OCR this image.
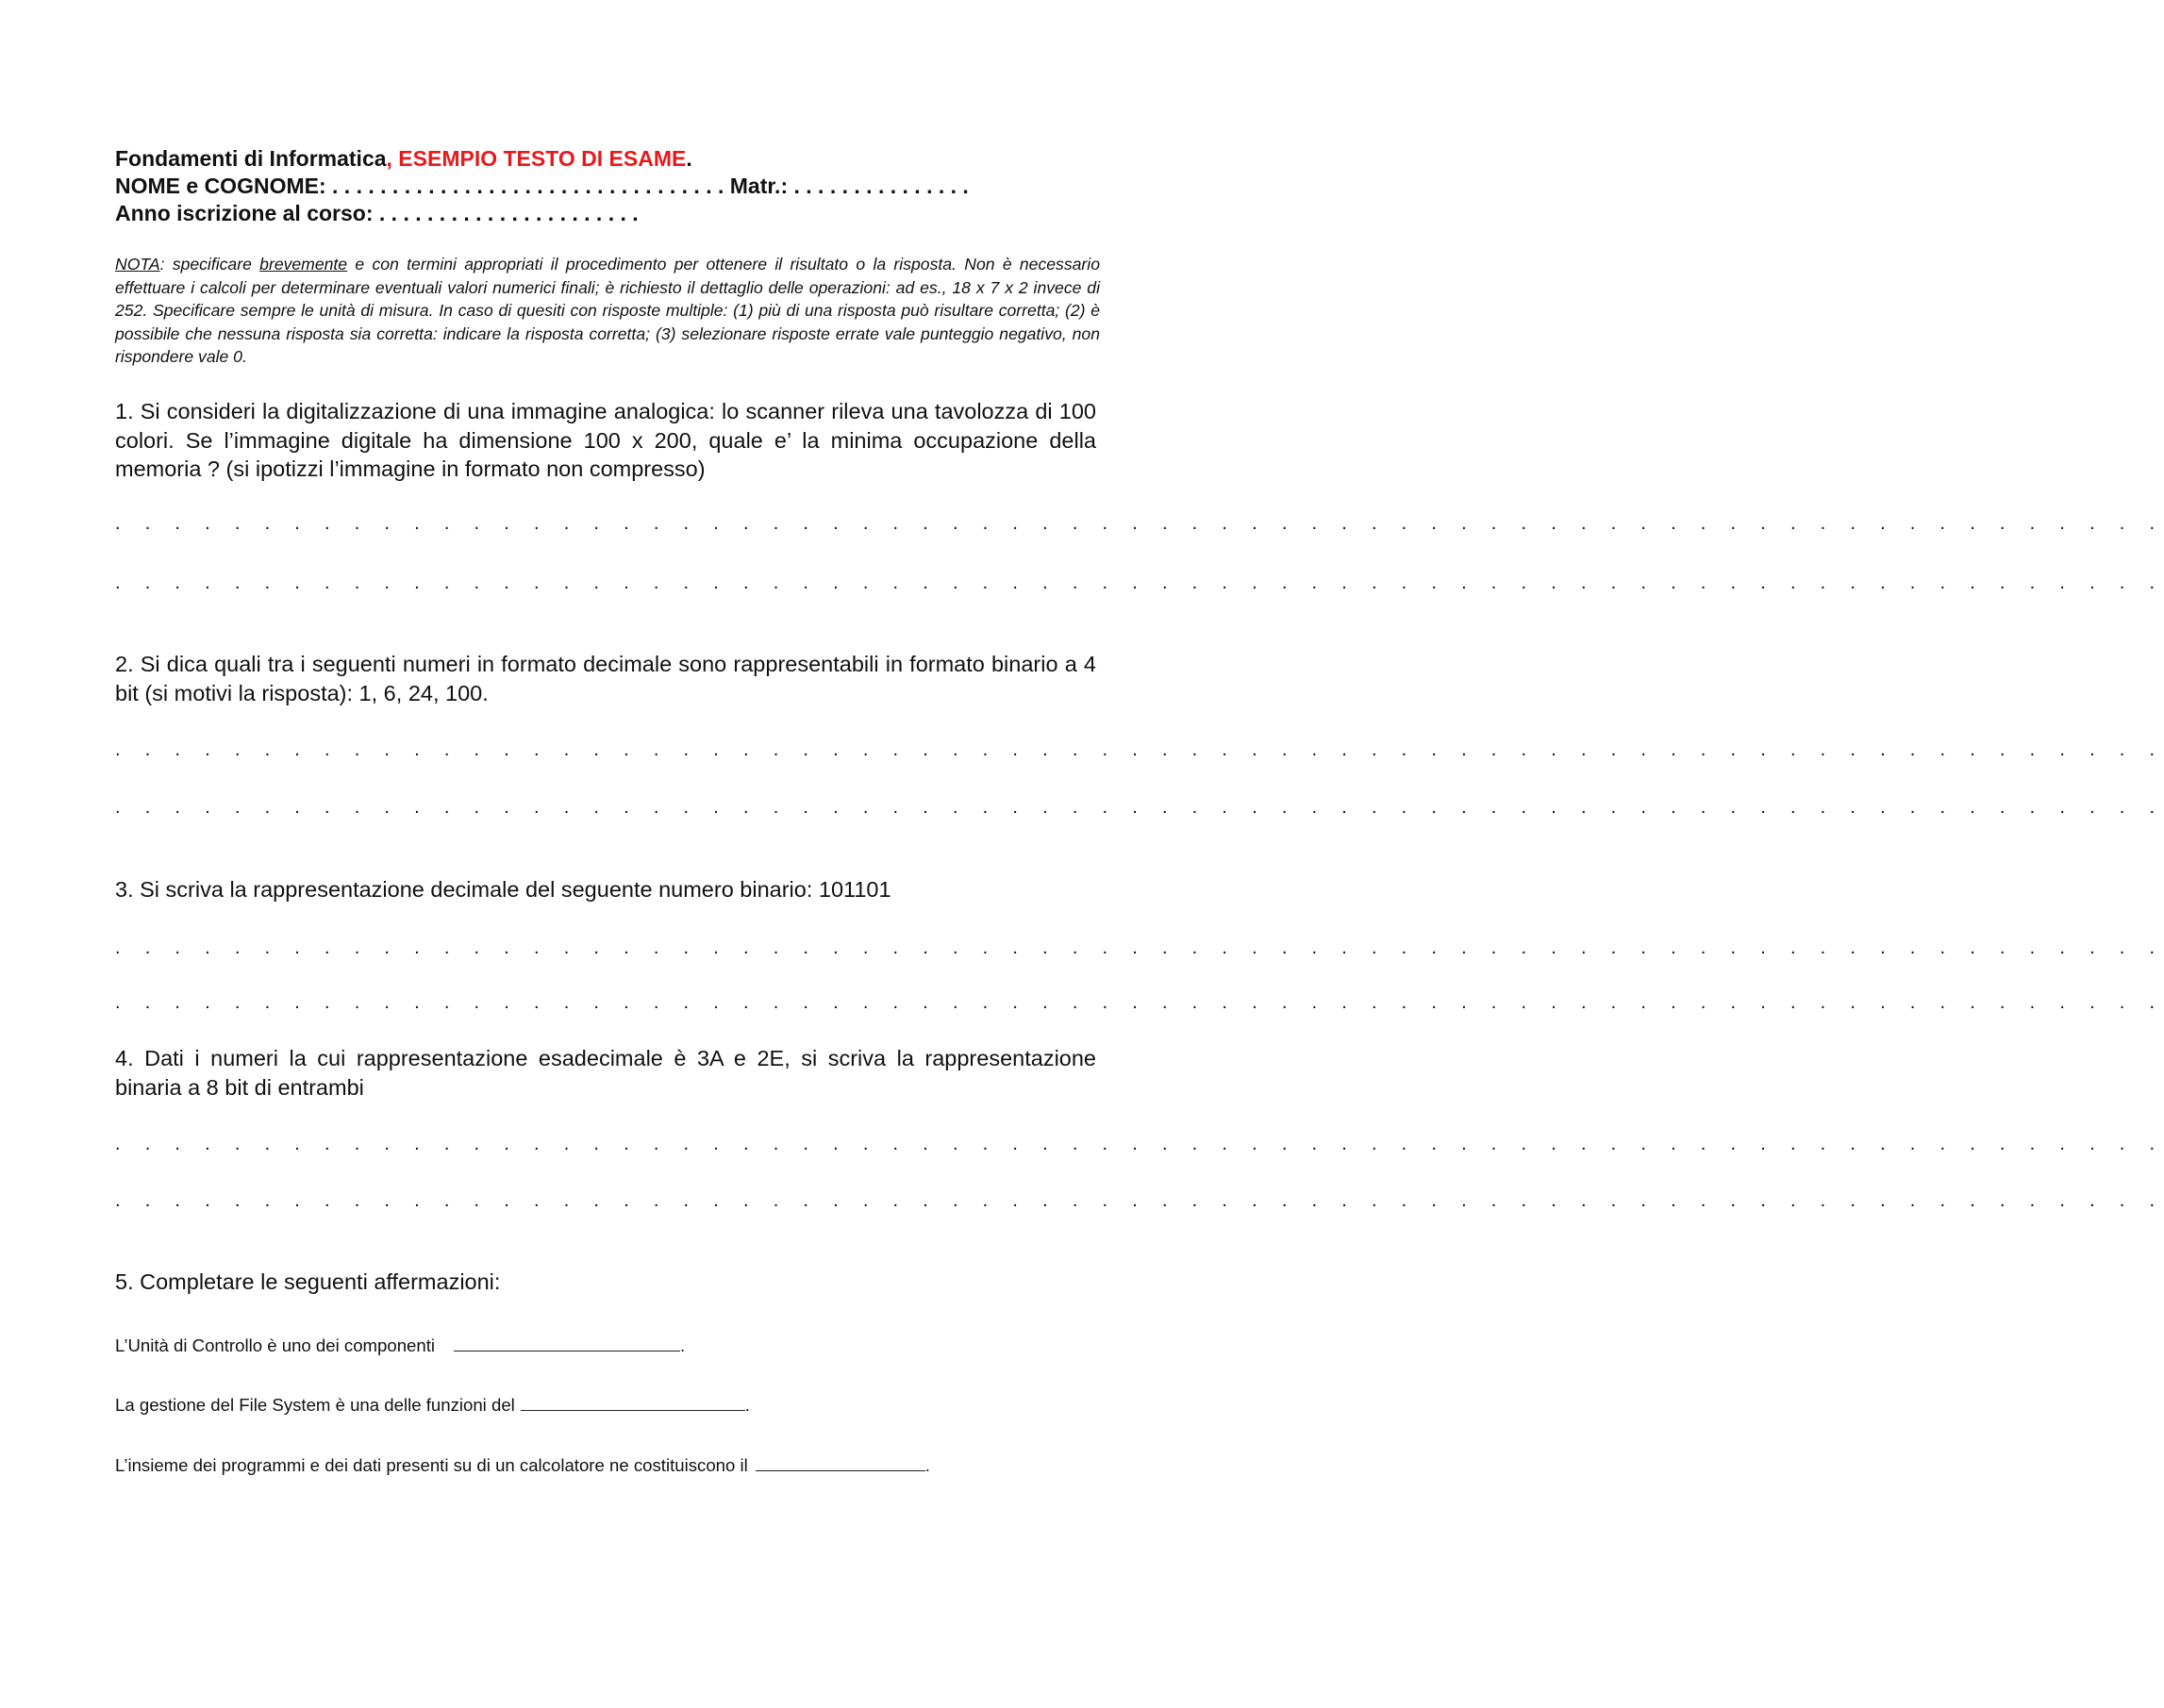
Fondamenti di Informatica, ESEMPIO TESTO DI ESAME.
NOME e COGNOME: . . . . . . . . . . . . . . . . . . . . . . . . . . . . . . . . . Matr.: . . . . . . . . . . . . . . .
Anno iscrizione al corso: . . . . . . . . . . . . . . . . . . . . . .
NOTA: specificare brevemente e con termini appropriati il procedimento per ottenere il risultato o la risposta. Non è necessario effettuare i calcoli per determinare eventuali valori numerici finali; è richiesto il dettaglio delle operazioni: ad es., 18 x 7 x 2 invece di 252. Specificare sempre le unità di misura. In caso di quesiti con risposte multiple: (1) più di una risposta può risultare corretta; (2) è possibile che nessuna risposta sia corretta: indicare la risposta corretta; (3) selezionare risposte errate vale punteggio negativo, non rispondere vale 0.
1. Si consideri la digitalizzazione di una immagine analogica: lo scanner rileva una tavolozza di 100 colori. Se l’immagine digitale ha dimensione 100 x 200, quale e’ la minima occupazione della memoria ? (si ipotizzi l’immagine in formato non compresso)
. . . . . . . . . . . . . . . . . . . . . . . . . . . . . . . . . . . . . . . . . . . . . . . . . . . . . . . . . . . . . . . . . . . . .
. . . . . . . . . . . . . . . . . . . . . . . . . . . . . . . . . . . . . . . . . . . . . . . . . . . . . . . . . . . . . . . . . . . . .
2. Si dica quali tra i seguenti numeri in formato decimale sono rappresentabili in formato binario a 4 bit (si motivi la risposta): 1, 6, 24, 100.
. . . . . . . . . . . . . . . . . . . . . . . . . . . . . . . . . . . . . . . . . . . . . . . . . . . . . . . . . . . . . . . . . . . . .
. . . . . . . . . . . . . . . . . . . . . . . . . . . . . . . . . . . . . . . . . . . . . . . . . . . . . . . . . . . . . . . . . . . . .
3. Si scriva la rappresentazione decimale del seguente numero binario: 101101
. . . . . . . . . . . . . . . . . . . . . . . . . . . . . . . . . . . . . . . . . . . . . . . . . . . . . . . . . . . . . . . . . . . . .
. . . . . . . . . . . . . . . . . . . . . . . . . . . . . . . . . . . . . . . . . . . . . . . . . . . . . . . . . . . . . . . . . . . . .
4. Dati i numeri la cui rappresentazione esadecimale è 3A e 2E, si scriva la rappresentazione binaria a 8 bit di entrambi
. . . . . . . . . . . . . . . . . . . . . . . . . . . . . . . . . . . . . . . . . . . . . . . . . . . . . . . . . . . . . . . . . . . . .
. . . . . . . . . . . . . . . . . . . . . . . . . . . . . . . . . . . . . . . . . . . . . . . . . . . . . . . . . . . . . . . . . . . . .
5. Completare le seguenti affermazioni:
L’Unità di Controllo è uno dei componenti	.
La gestione del File System è una delle funzioni del	.
L’insieme dei programmi e dei dati presenti su di un calcolatore ne costituiscono il	.
